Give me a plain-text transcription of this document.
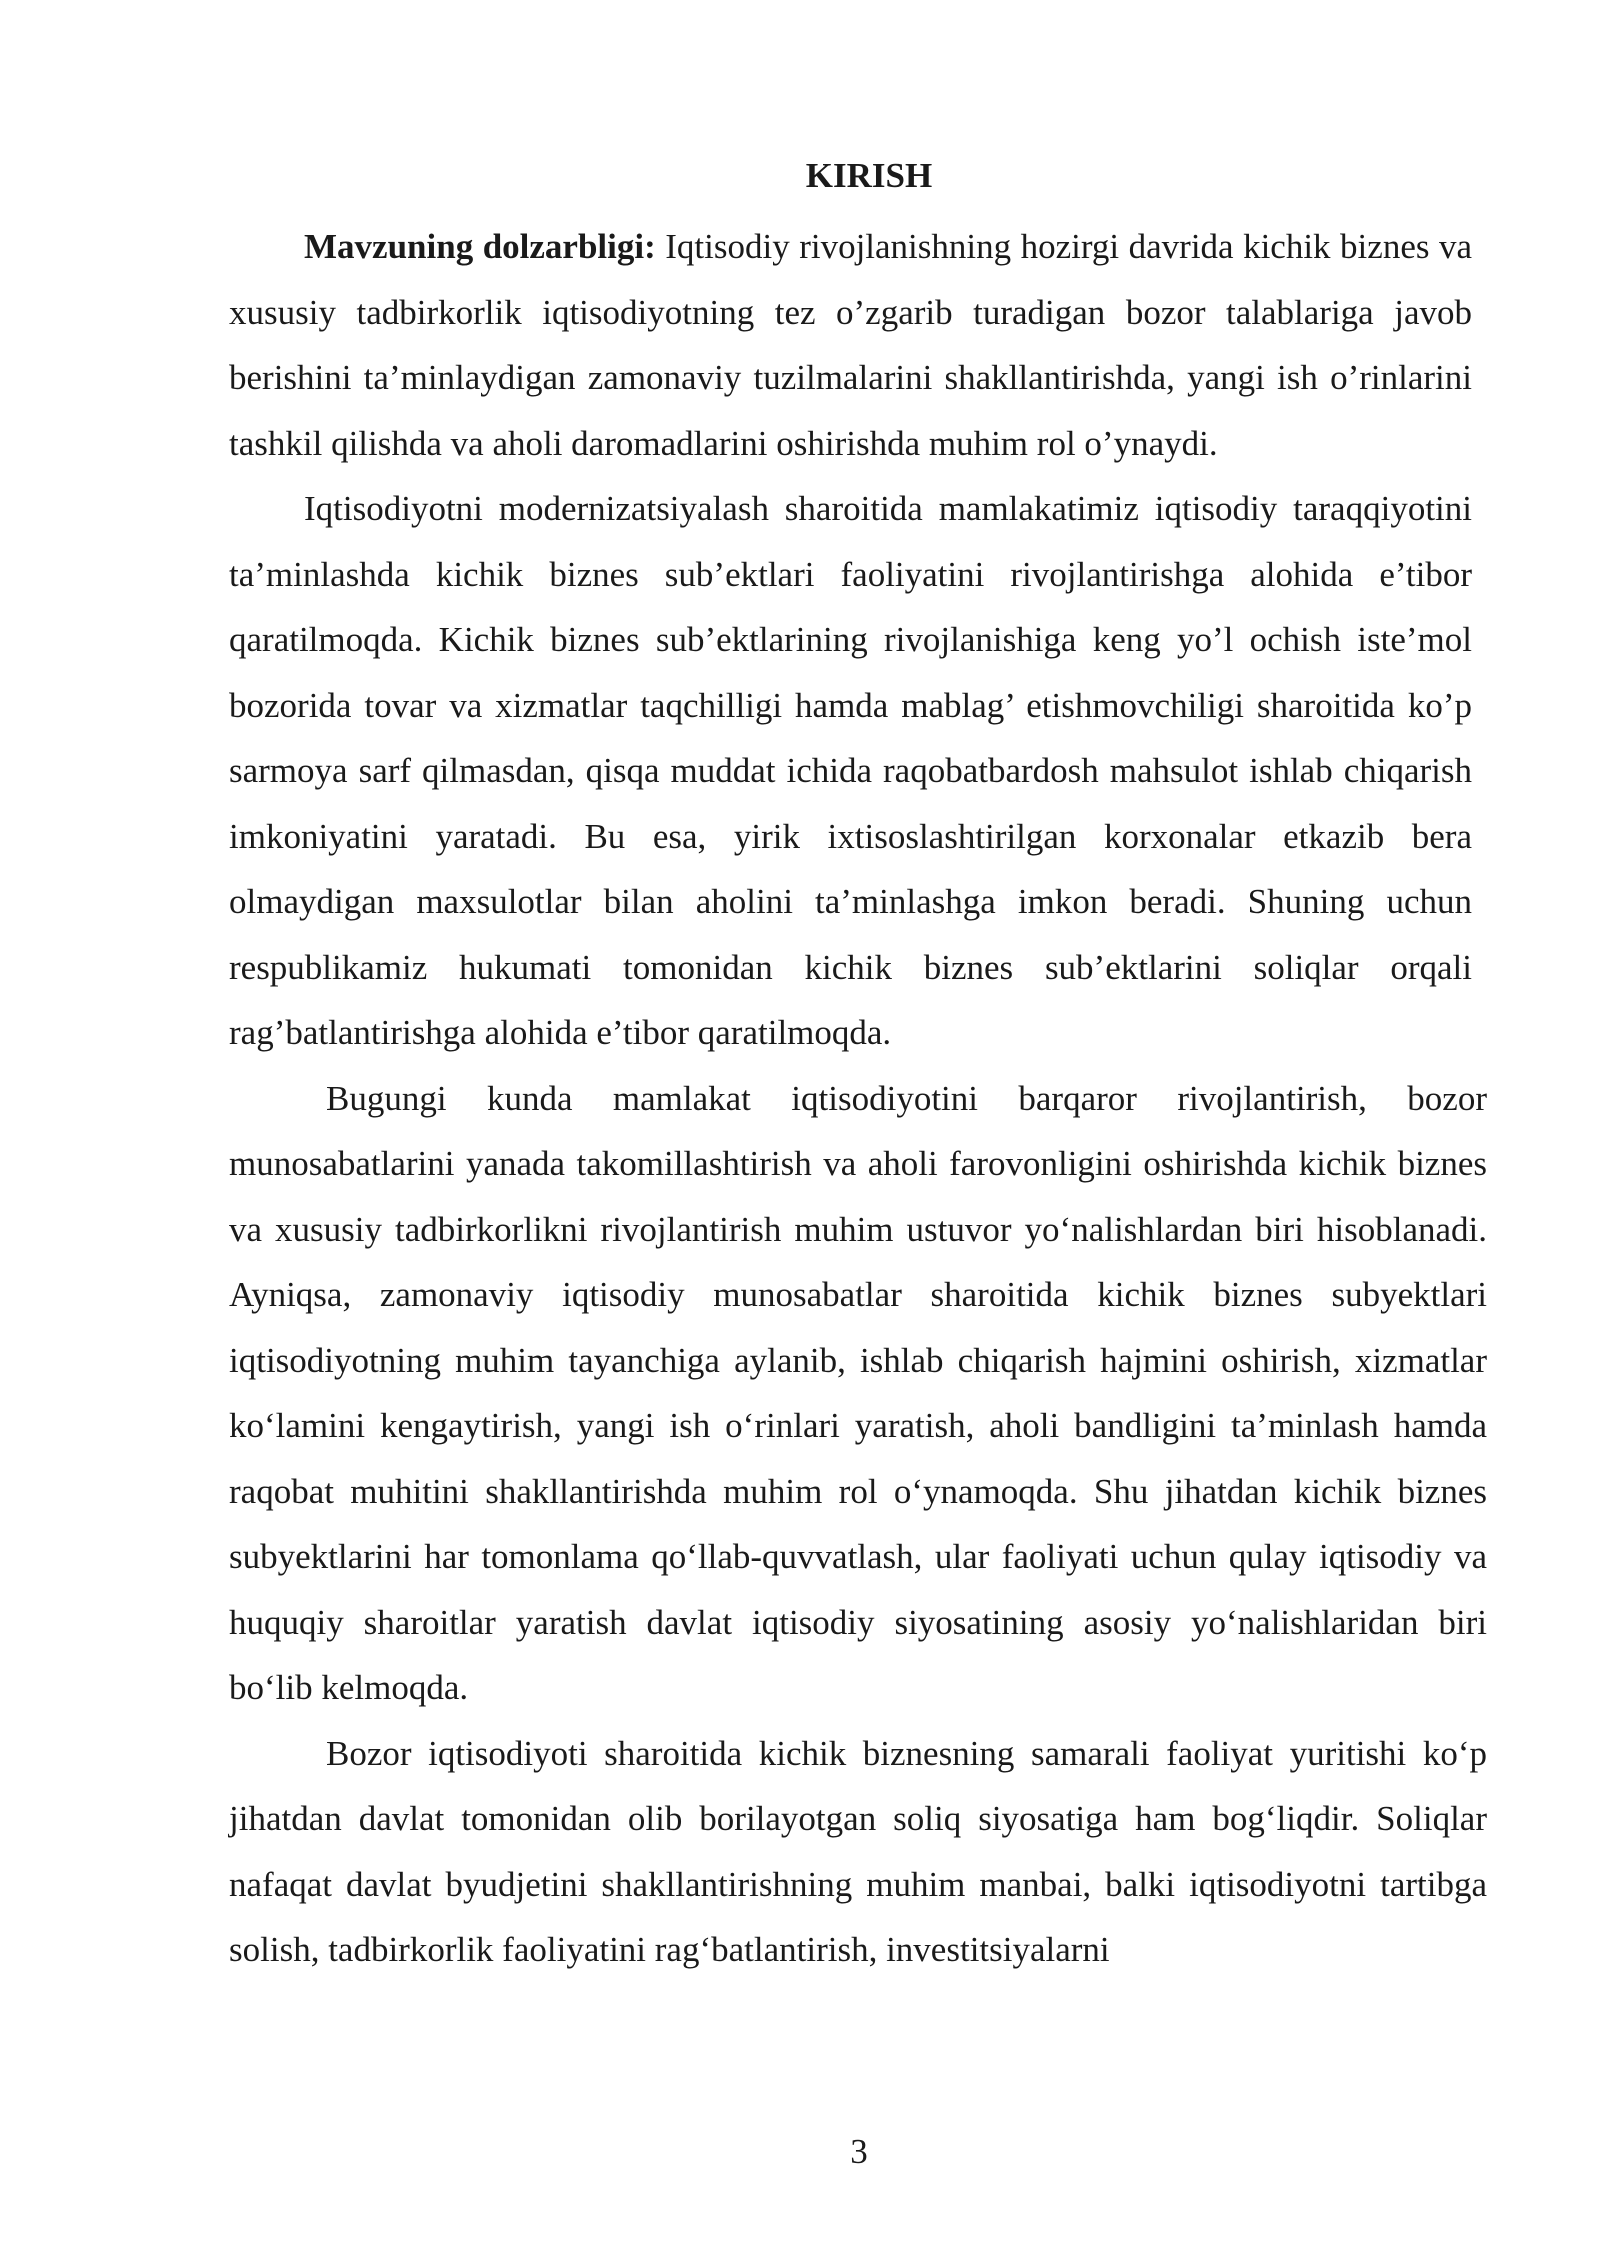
KIRISH

Mavzuning dolzarbligi: Iqtisodiy rivojlanishning hozirgi davrida kichik biznes va xususiy tadbirkorlik iqtisodiyotning tez o’zgarib turadigan bozor talablariga javob berishini ta’minlaydigan zamonaviy tuzilmalarini shakllantirishda, yangi ish o’rinlarini tashkil qilishda va aholi daromadlarini oshirishda muhim rol o’ynaydi.

Iqtisodiyotni modernizatsiyalash sharoitida mamlakatimiz iqtisodiy taraqqiyotini ta’minlashda kichik biznes sub’ektlari faoliyatini rivojlantirishga alohida e’tibor qaratilmoqda. Kichik biznes sub’ektlarining rivojlanishiga keng yo’l ochish iste’mol bozorida tovar va xizmatlar taqchilligi hamda mablag’ etishmovchiligi sharoitida ko’p sarmoya sarf qilmasdan, qisqa muddat ichida raqobatbardosh mahsulot ishlab chiqarish imkoniyatini yaratadi. Bu esa, yirik ixtisoslashtirilgan korxonalar etkazib bera olmaydigan maxsulotlar bilan aholini ta’minlashga imkon beradi. Shuning uchun respublikamiz hukumati tomonidan kichik biznes sub’ektlarini soliqlar orqali rag’batlantirishga alohida e’tibor qaratilmoqda.

Bugungi kunda mamlakat iqtisodiyotini barqaror rivojlantirish, bozor munosabatlarini yanada takomillashtirish va aholi farovonligini oshirishda kichik biznes va xususiy tadbirkorlikni rivojlantirish muhim ustuvor yo‘nalishlardan biri hisoblanadi. Ayniqsa, zamonaviy iqtisodiy munosabatlar sharoitida kichik biznes subyektlari iqtisodiyotning muhim tayanchiga aylanib, ishlab chiqarish hajmini oshirish, xizmatlar ko‘lamini kengaytirish, yangi ish o‘rinlari yaratish, aholi bandligini ta’minlash hamda raqobat muhitini shakllantirishda muhim rol o‘ynamoqda. Shu jihatdan kichik biznes subyektlarini har tomonlama qo‘llab-quvvatlash, ular faoliyati uchun qulay iqtisodiy va huquqiy sharoitlar yaratish davlat iqtisodiy siyosatining asosiy yo‘nalishlaridan biri bo‘lib kelmoqda.

Bozor iqtisodiyoti sharoitida kichik biznesning samarali faoliyat yuritishi ko‘p jihatdan davlat tomonidan olib borilayotgan soliq siyosatiga ham bog‘liqdir. Soliqlar nafaqat davlat byudjetini shakllantirishning muhim manbai, balki iqtisodiyotni tartibga solish, tadbirkorlik faoliyatini rag‘batlantirish, investitsiyalarni

3
